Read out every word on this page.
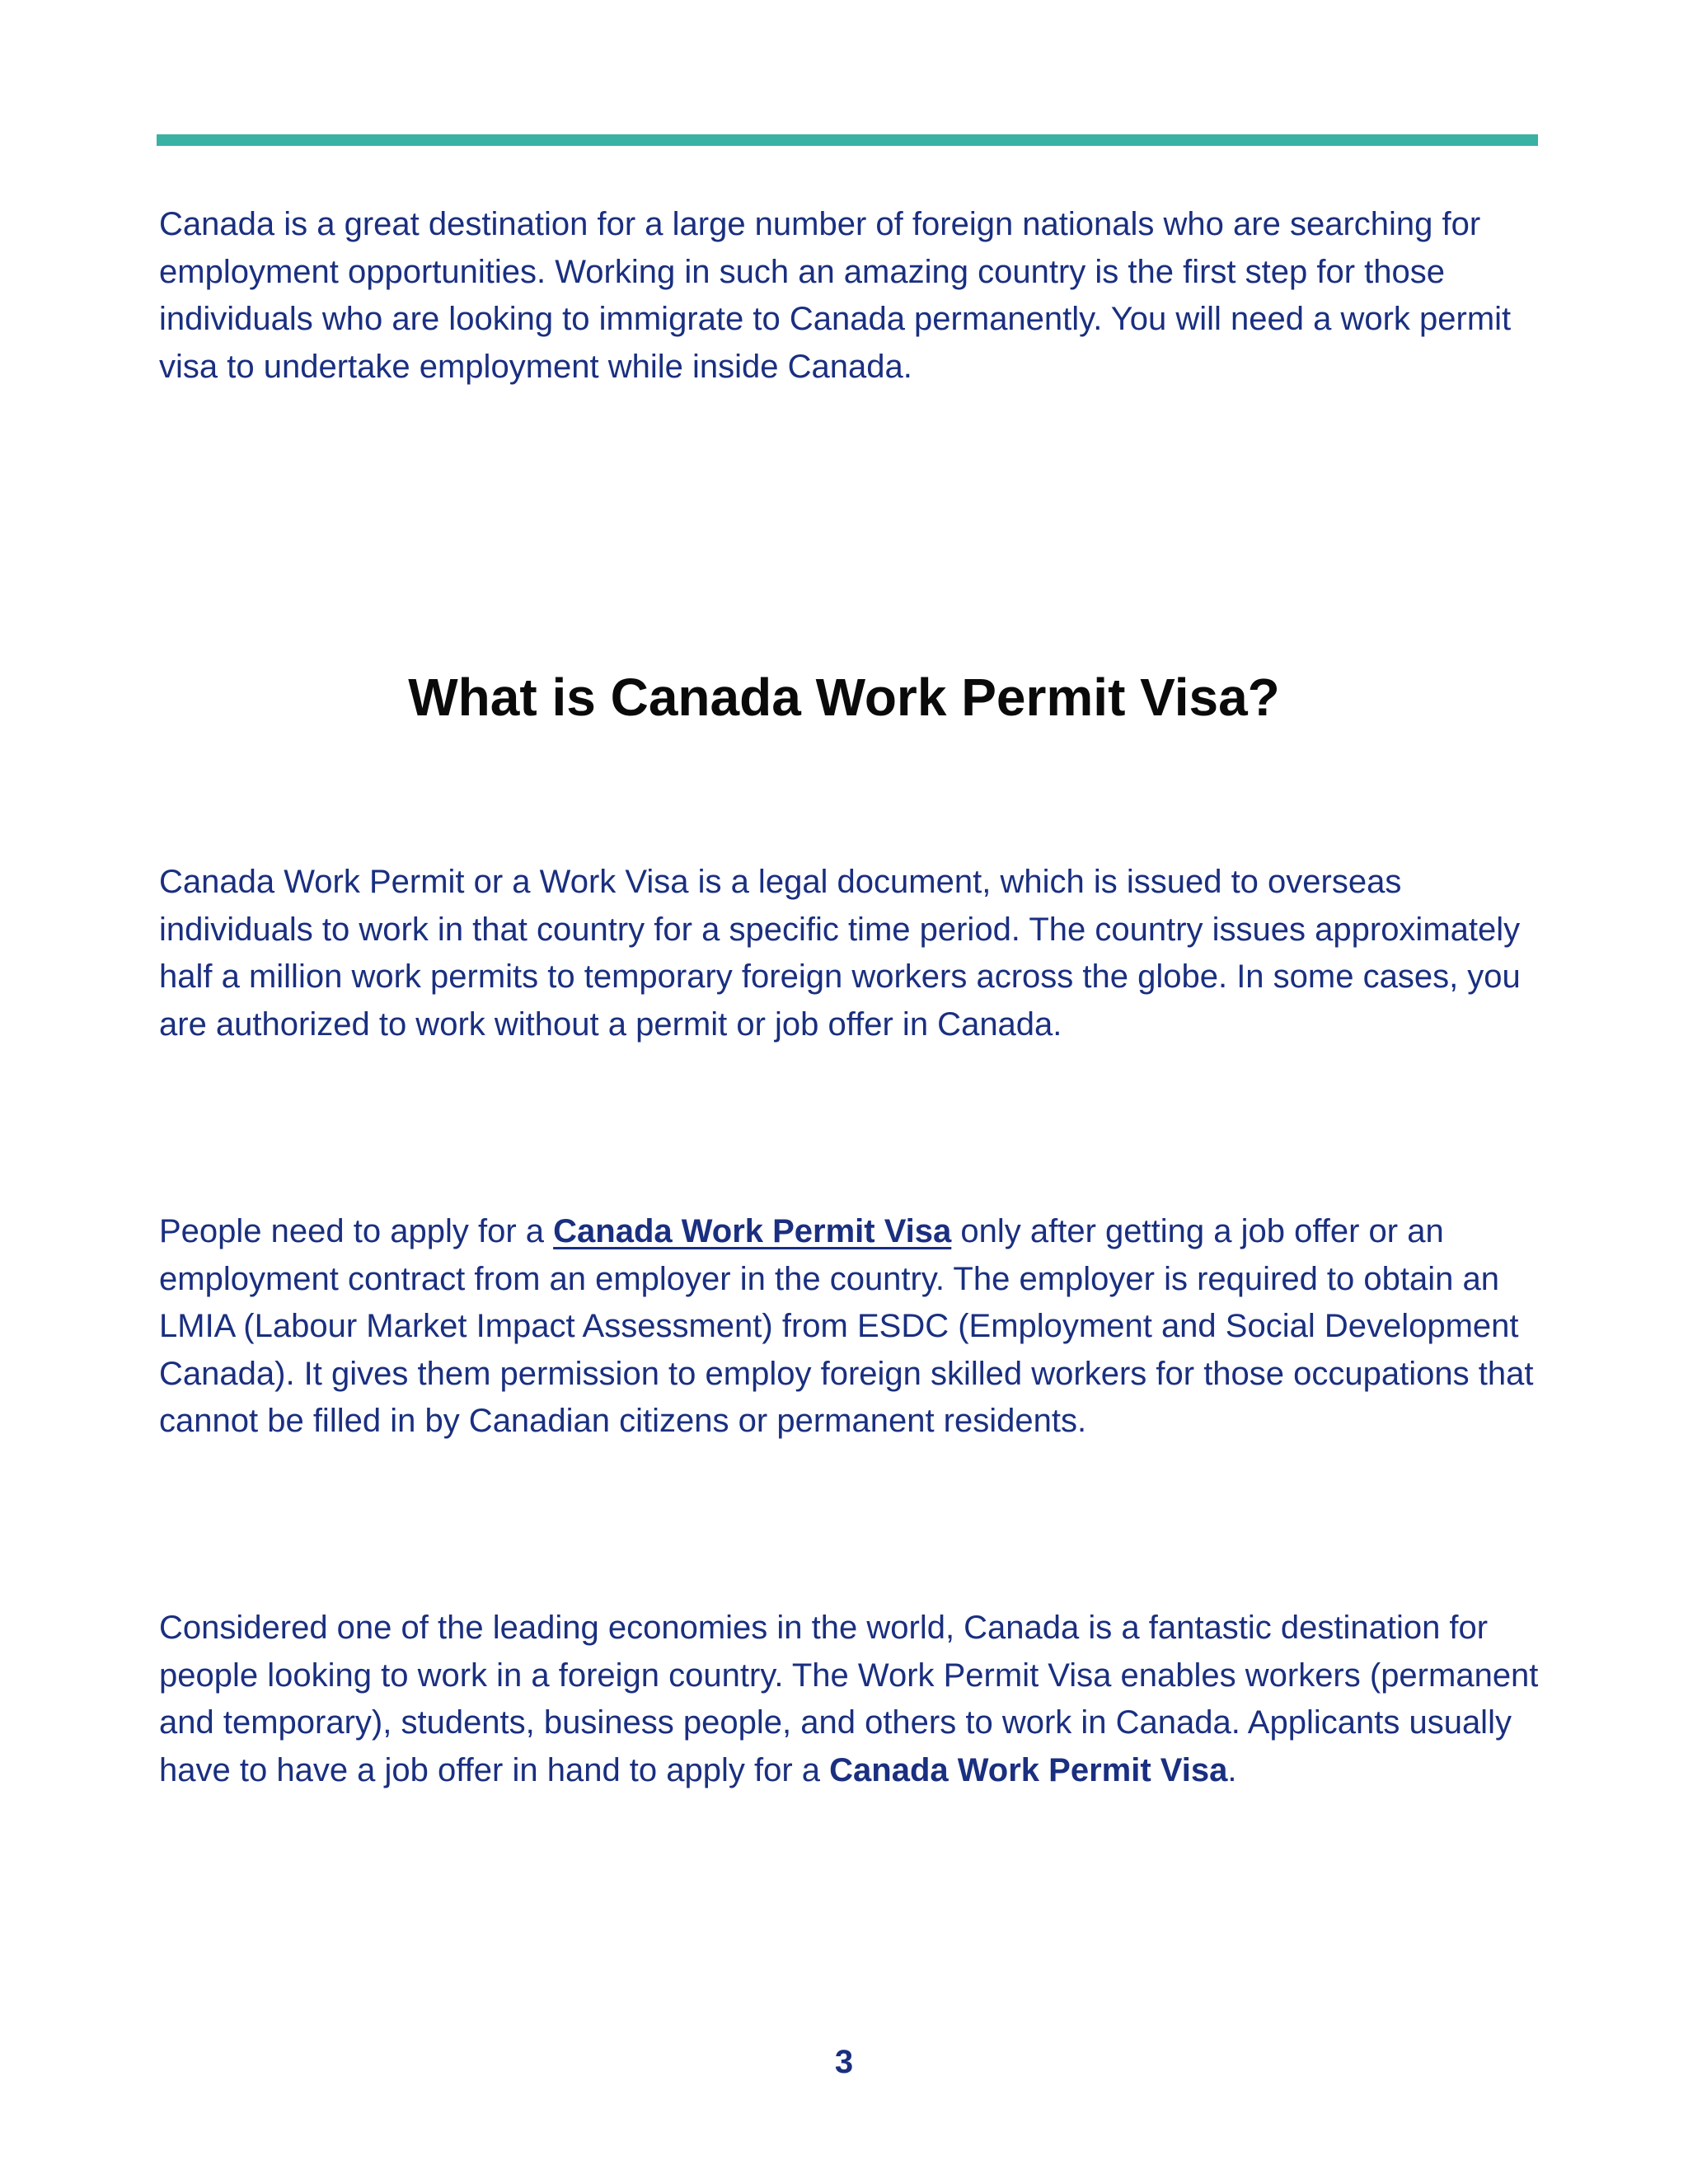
Canada is a great destination for a large number of foreign nationals who are searching for employment opportunities. Working in such an amazing country is the first step for those individuals who are looking to immigrate to Canada permanently. You will need a work permit visa to undertake employment while inside Canada.

What is Canada Work Permit Visa?

Canada Work Permit or a Work Visa is a legal document, which is issued to overseas individuals to work in that country for a specific time period. The country issues approximately half a million work permits to temporary foreign workers across the globe. In some cases, you are authorized to work without a permit or job offer in Canada.

People need to apply for a Canada Work Permit Visa only after getting a job offer or an employment contract from an employer in the country. The employer is required to obtain an LMIA (Labour Market Impact Assessment) from ESDC (Employment and Social Development Canada). It gives them permission to employ foreign skilled workers for those occupations that cannot be filled in by Canadian citizens or permanent residents.

Considered one of the leading economies in the world, Canada is a fantastic destination for people looking to work in a foreign country. The Work Permit Visa enables workers (permanent and temporary), students, business people, and others to work in Canada. Applicants usually have to have a job offer in hand to apply for a Canada Work Permit Visa.

3
